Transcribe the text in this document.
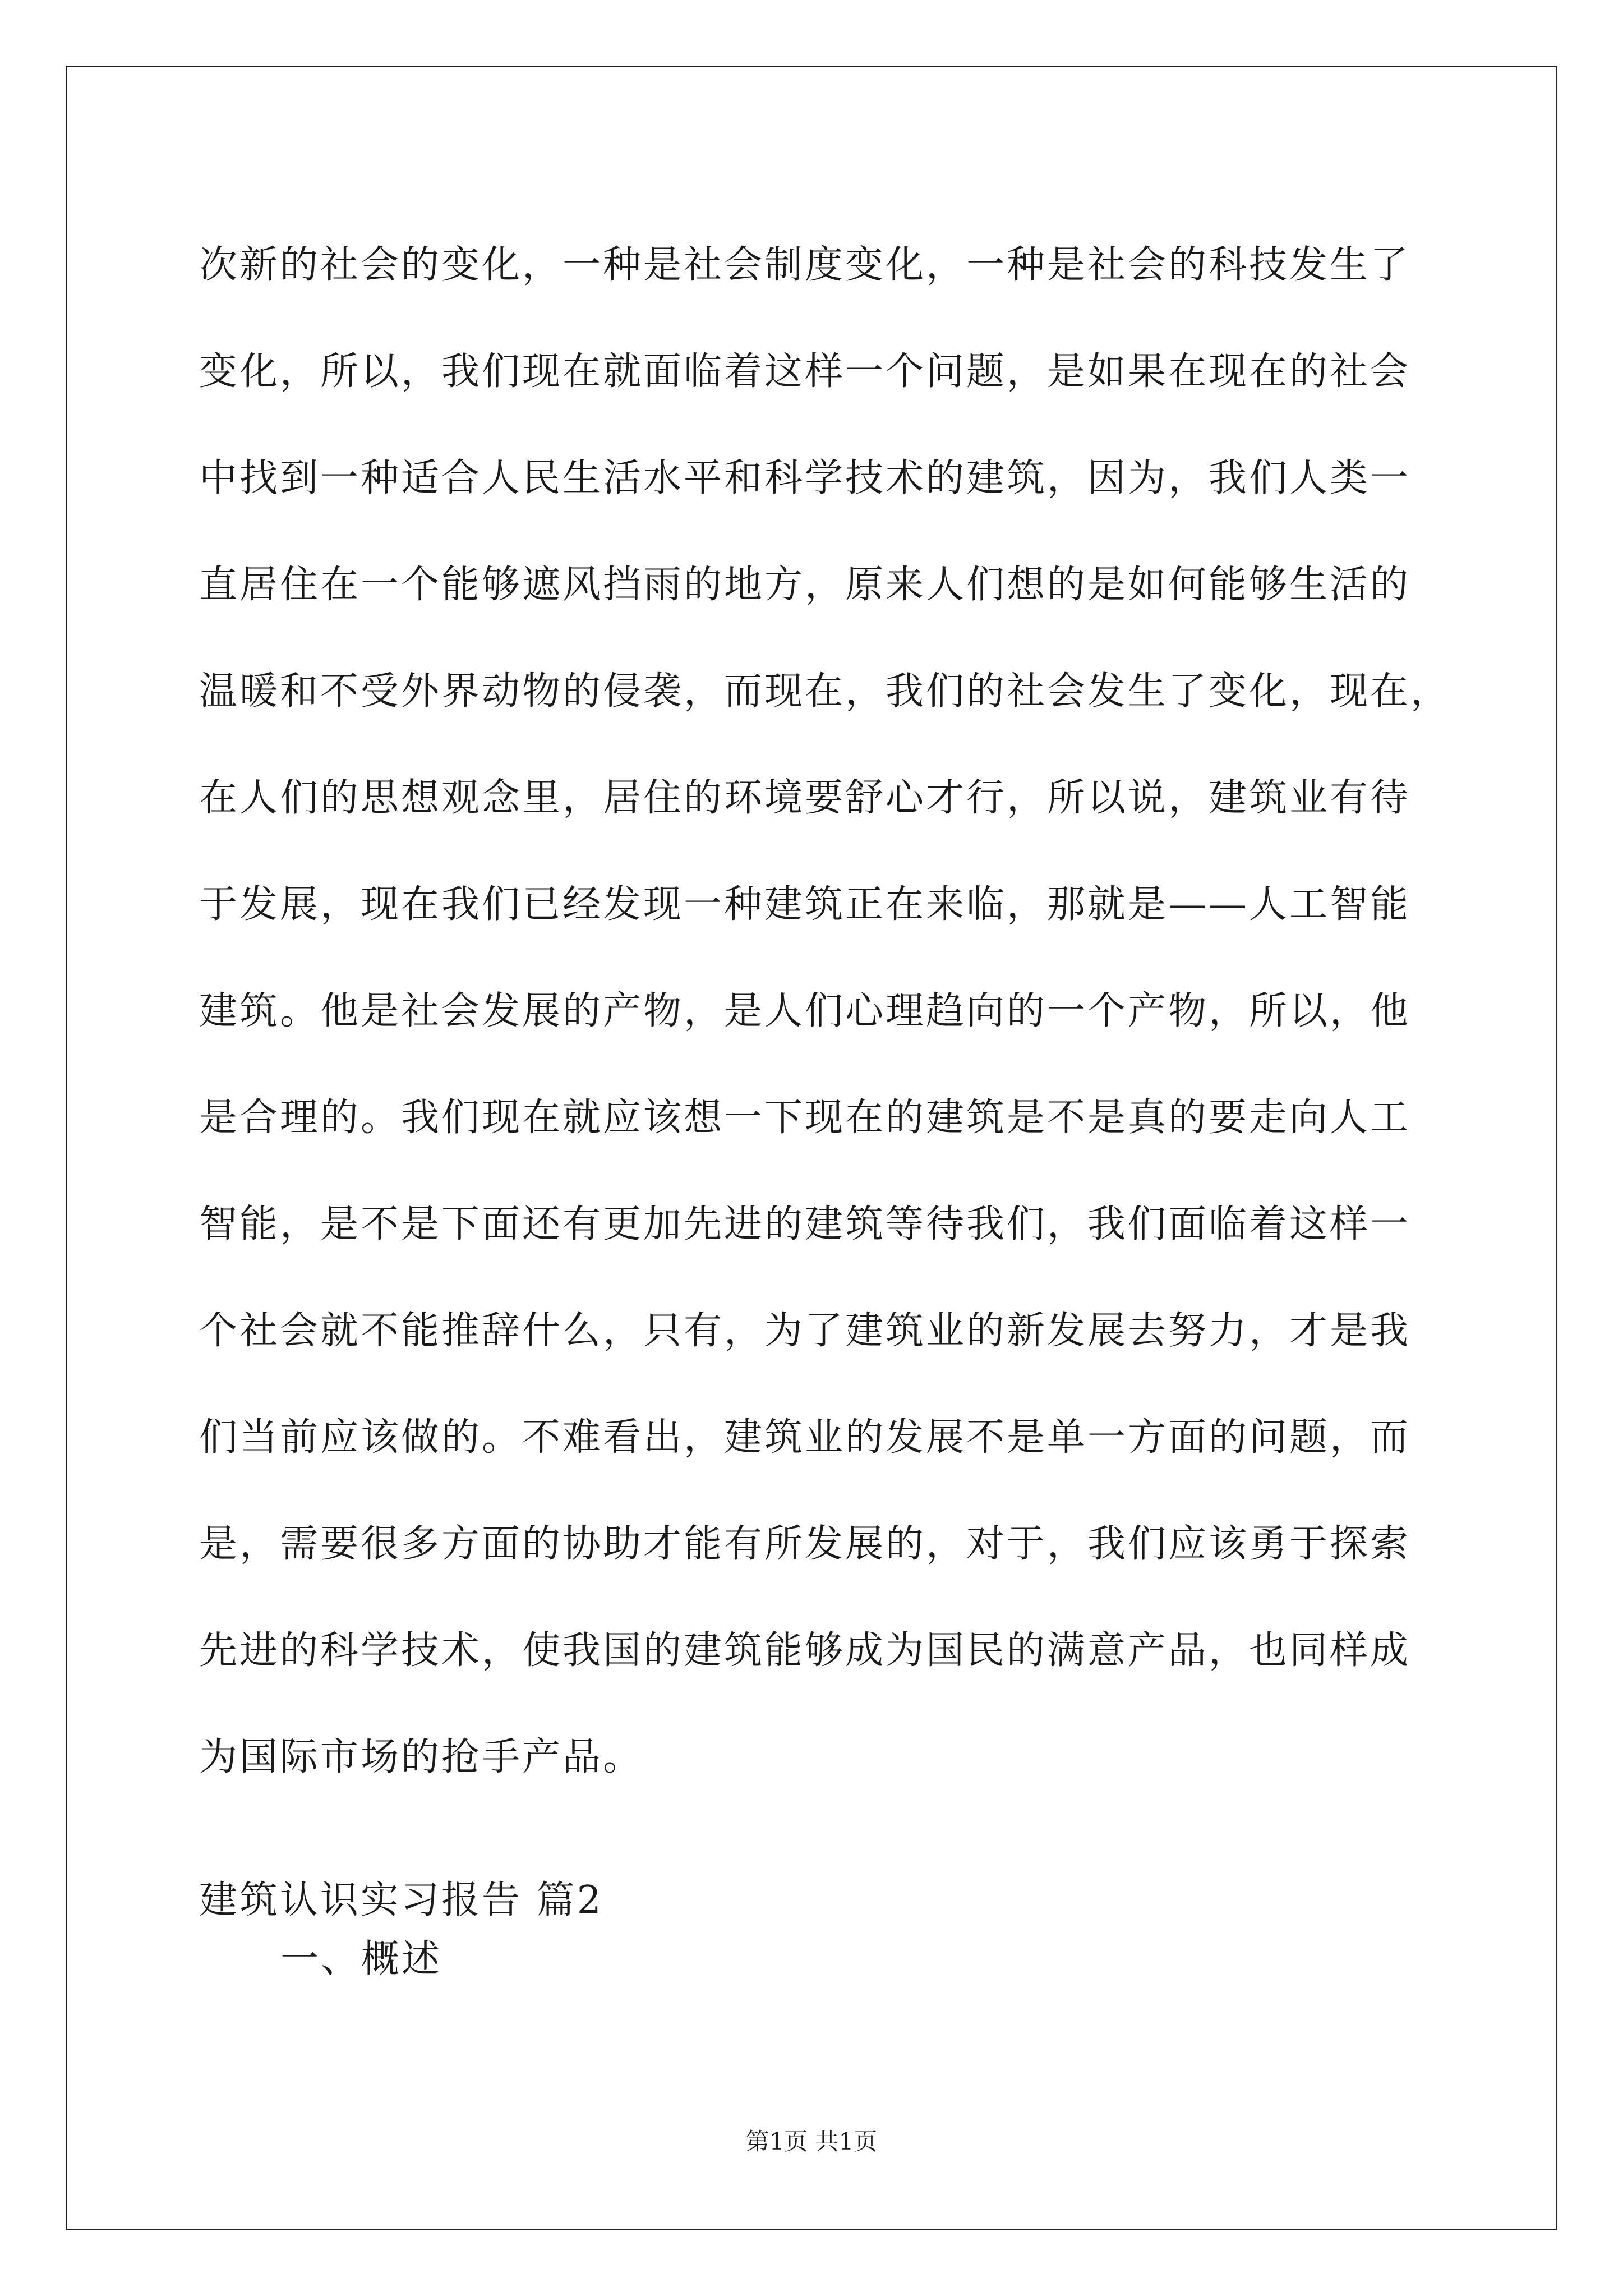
次新的社会的变化，一种是社会制度变化，一种是社会的科技发生了
变化，所以，我们现在就面临着这样一个问题，是如果在现在的社会
中找到一种适合人民生活水平和科学技术的建筑，因为，我们人类一
直居住在一个能够遮风挡雨的地方，原来人们想的是如何能够生活的
温暖和不受外界动物的侵袭，而现在，我们的社会发生了变化，现在，
在人们的思想观念里，居住的环境要舒心才行，所以说，建筑业有待
于发展，现在我们已经发现一种建筑正在来临，那就是——人工智能
建筑。他是社会发展的产物，是人们心理趋向的一个产物，所以，他
是合理的。我们现在就应该想一下现在的建筑是不是真的要走向人工
智能，是不是下面还有更加先进的建筑等待我们，我们面临着这样一
个社会就不能推辞什么，只有，为了建筑业的新发展去努力，才是我
们当前应该做的。不难看出，建筑业的发展不是单一方面的问题，而
是，需要很多方面的协助才能有所发展的，对于，我们应该勇于探索
先进的科学技术，使我国的建筑能够成为国民的满意产品，也同样成
为国际市场的抢手产品。
建筑认识实习报告 篇2
一、概述
第1页 共1页
